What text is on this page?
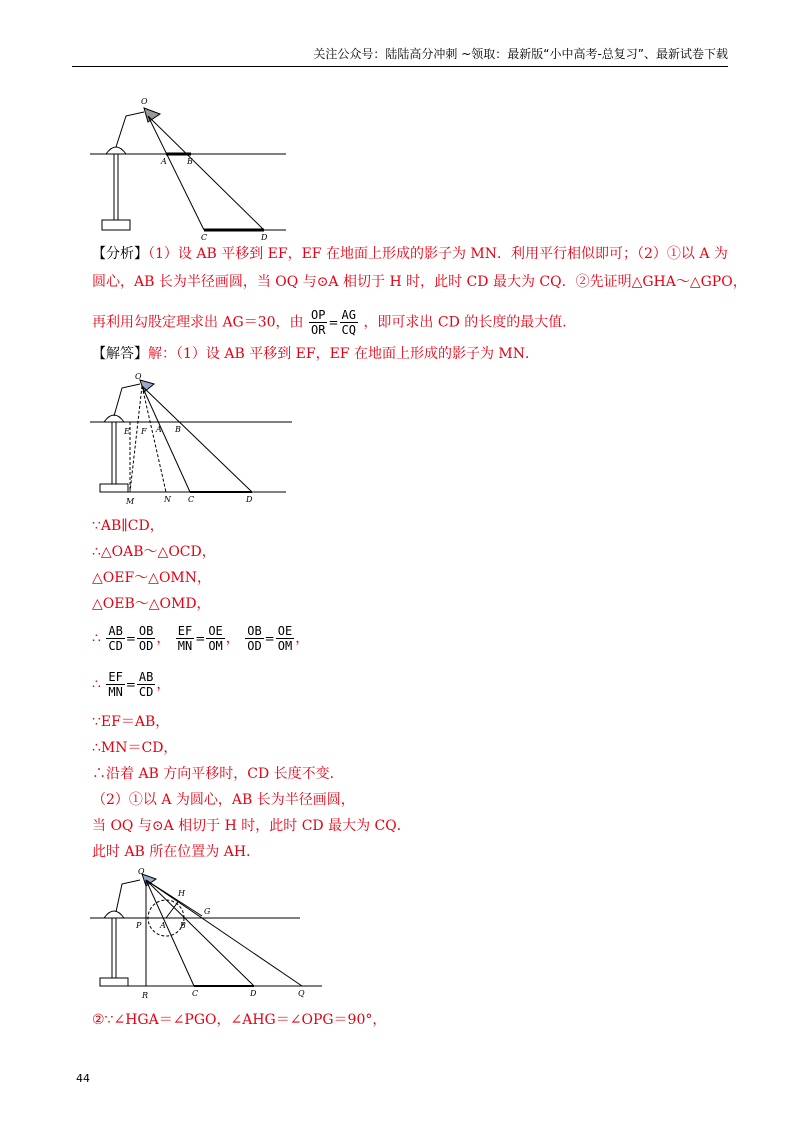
关注公众号：陆陆高分冲刺 ~领取：最新版“小中高考-总复习”、最新试卷下载
O
A	B
C	D
【分析】（1）设 AB 平移到 EF，EF 在地面上形成的影子为 MN．利用平行相似即可；（2）①以 A 为
圆心，AB 长为半径画圆，当 OQ 与⊙A 相切于 H 时，此时 CD 最大为 CQ．②先证明△GHA～△GPO，
再利用勾股定理求出 AG＝30，由 $\frac{OP}{OR} = \frac{AG}{CQ}$ ，即可求出 CD 的长度的最大值．
【解答】解：（1）设 AB 平移到 EF，EF 在地面上形成的影子为 MN．
O
E F A B
M	N C	D
∵AB∥CD，
∴△OAB～△OCD，
△OEF～△OMN，
△OEB～△OMD，
∴ $\frac{AB}{CD} = \frac{OB}{OD}$ ， $\frac{EF}{MN} = \frac{OE}{OM}$ ， $\frac{OB}{OD} = \frac{OE}{OM}$ ，
∴ $\frac{EF}{MN} = \frac{AB}{CD}$ ，
∵EF＝AB，
∴MN＝CD，
∴沿着 AB 方向平移时，CD 长度不变．
（2）①以 A 为圆心，AB 长为半径画圆，
当 OQ 与⊙A 相切于 H 时，此时 CD 最大为 CQ．
此时 AB 所在位置为 AH．
O
H
G
P A B
R	C	D	Q
②∵∠HGA＝∠PGO，∠AHG＝∠OPG＝90°，
44
